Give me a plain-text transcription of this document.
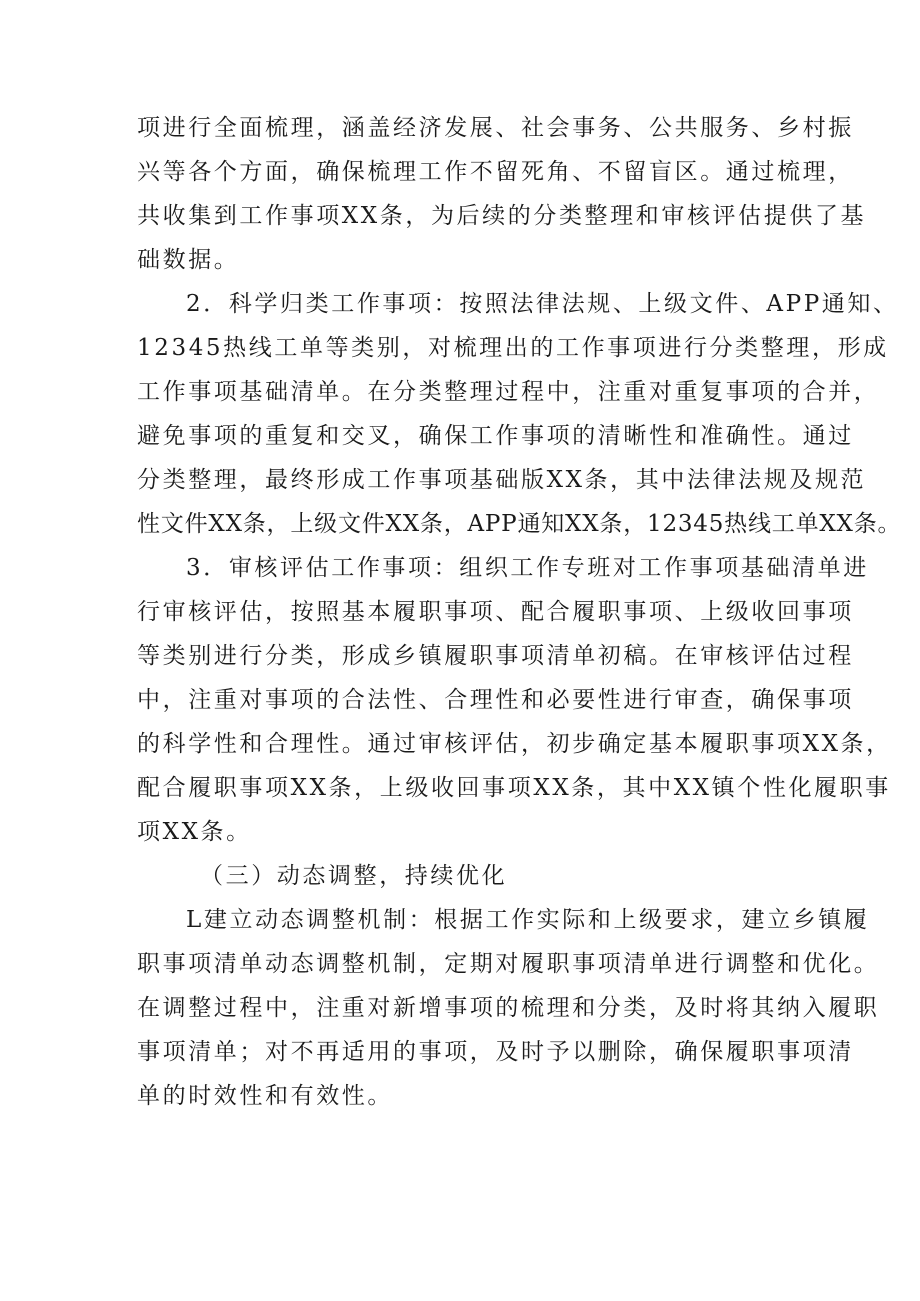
项进行全面梳理，涵盖经济发展、社会事务、公共服务、乡村振
兴等各个方面，确保梳理工作不留死角、不留盲区。通过梳理，
共收集到工作事项XX条，为后续的分类整理和审核评估提供了基
础数据。
2．科学归类工作事项：按照法律法规、上级文件、APP通知、
12345热线工单等类别，对梳理出的工作事项进行分类整理，形成
工作事项基础清单。在分类整理过程中，注重对重复事项的合并，
避免事项的重复和交叉，确保工作事项的清晰性和准确性。通过
分类整理，最终形成工作事项基础版XX条，其中法律法规及规范
性文件XX条，上级文件XX条，APP通知XX条，12345热线工单XX条。
3．审核评估工作事项：组织工作专班对工作事项基础清单进
行审核评估，按照基本履职事项、配合履职事项、上级收回事项
等类别进行分类，形成乡镇履职事项清单初稿。在审核评估过程
中，注重对事项的合法性、合理性和必要性进行审查，确保事项
的科学性和合理性。通过审核评估，初步确定基本履职事项XX条，
配合履职事项XX条，上级收回事项XX条，其中XX镇个性化履职事
项XX条。
（三）动态调整，持续优化
L建立动态调整机制：根据工作实际和上级要求，建立乡镇履
职事项清单动态调整机制，定期对履职事项清单进行调整和优化。
在调整过程中，注重对新增事项的梳理和分类，及时将其纳入履职
事项清单；对不再适用的事项，及时予以删除，确保履职事项清
单的时效性和有效性。
